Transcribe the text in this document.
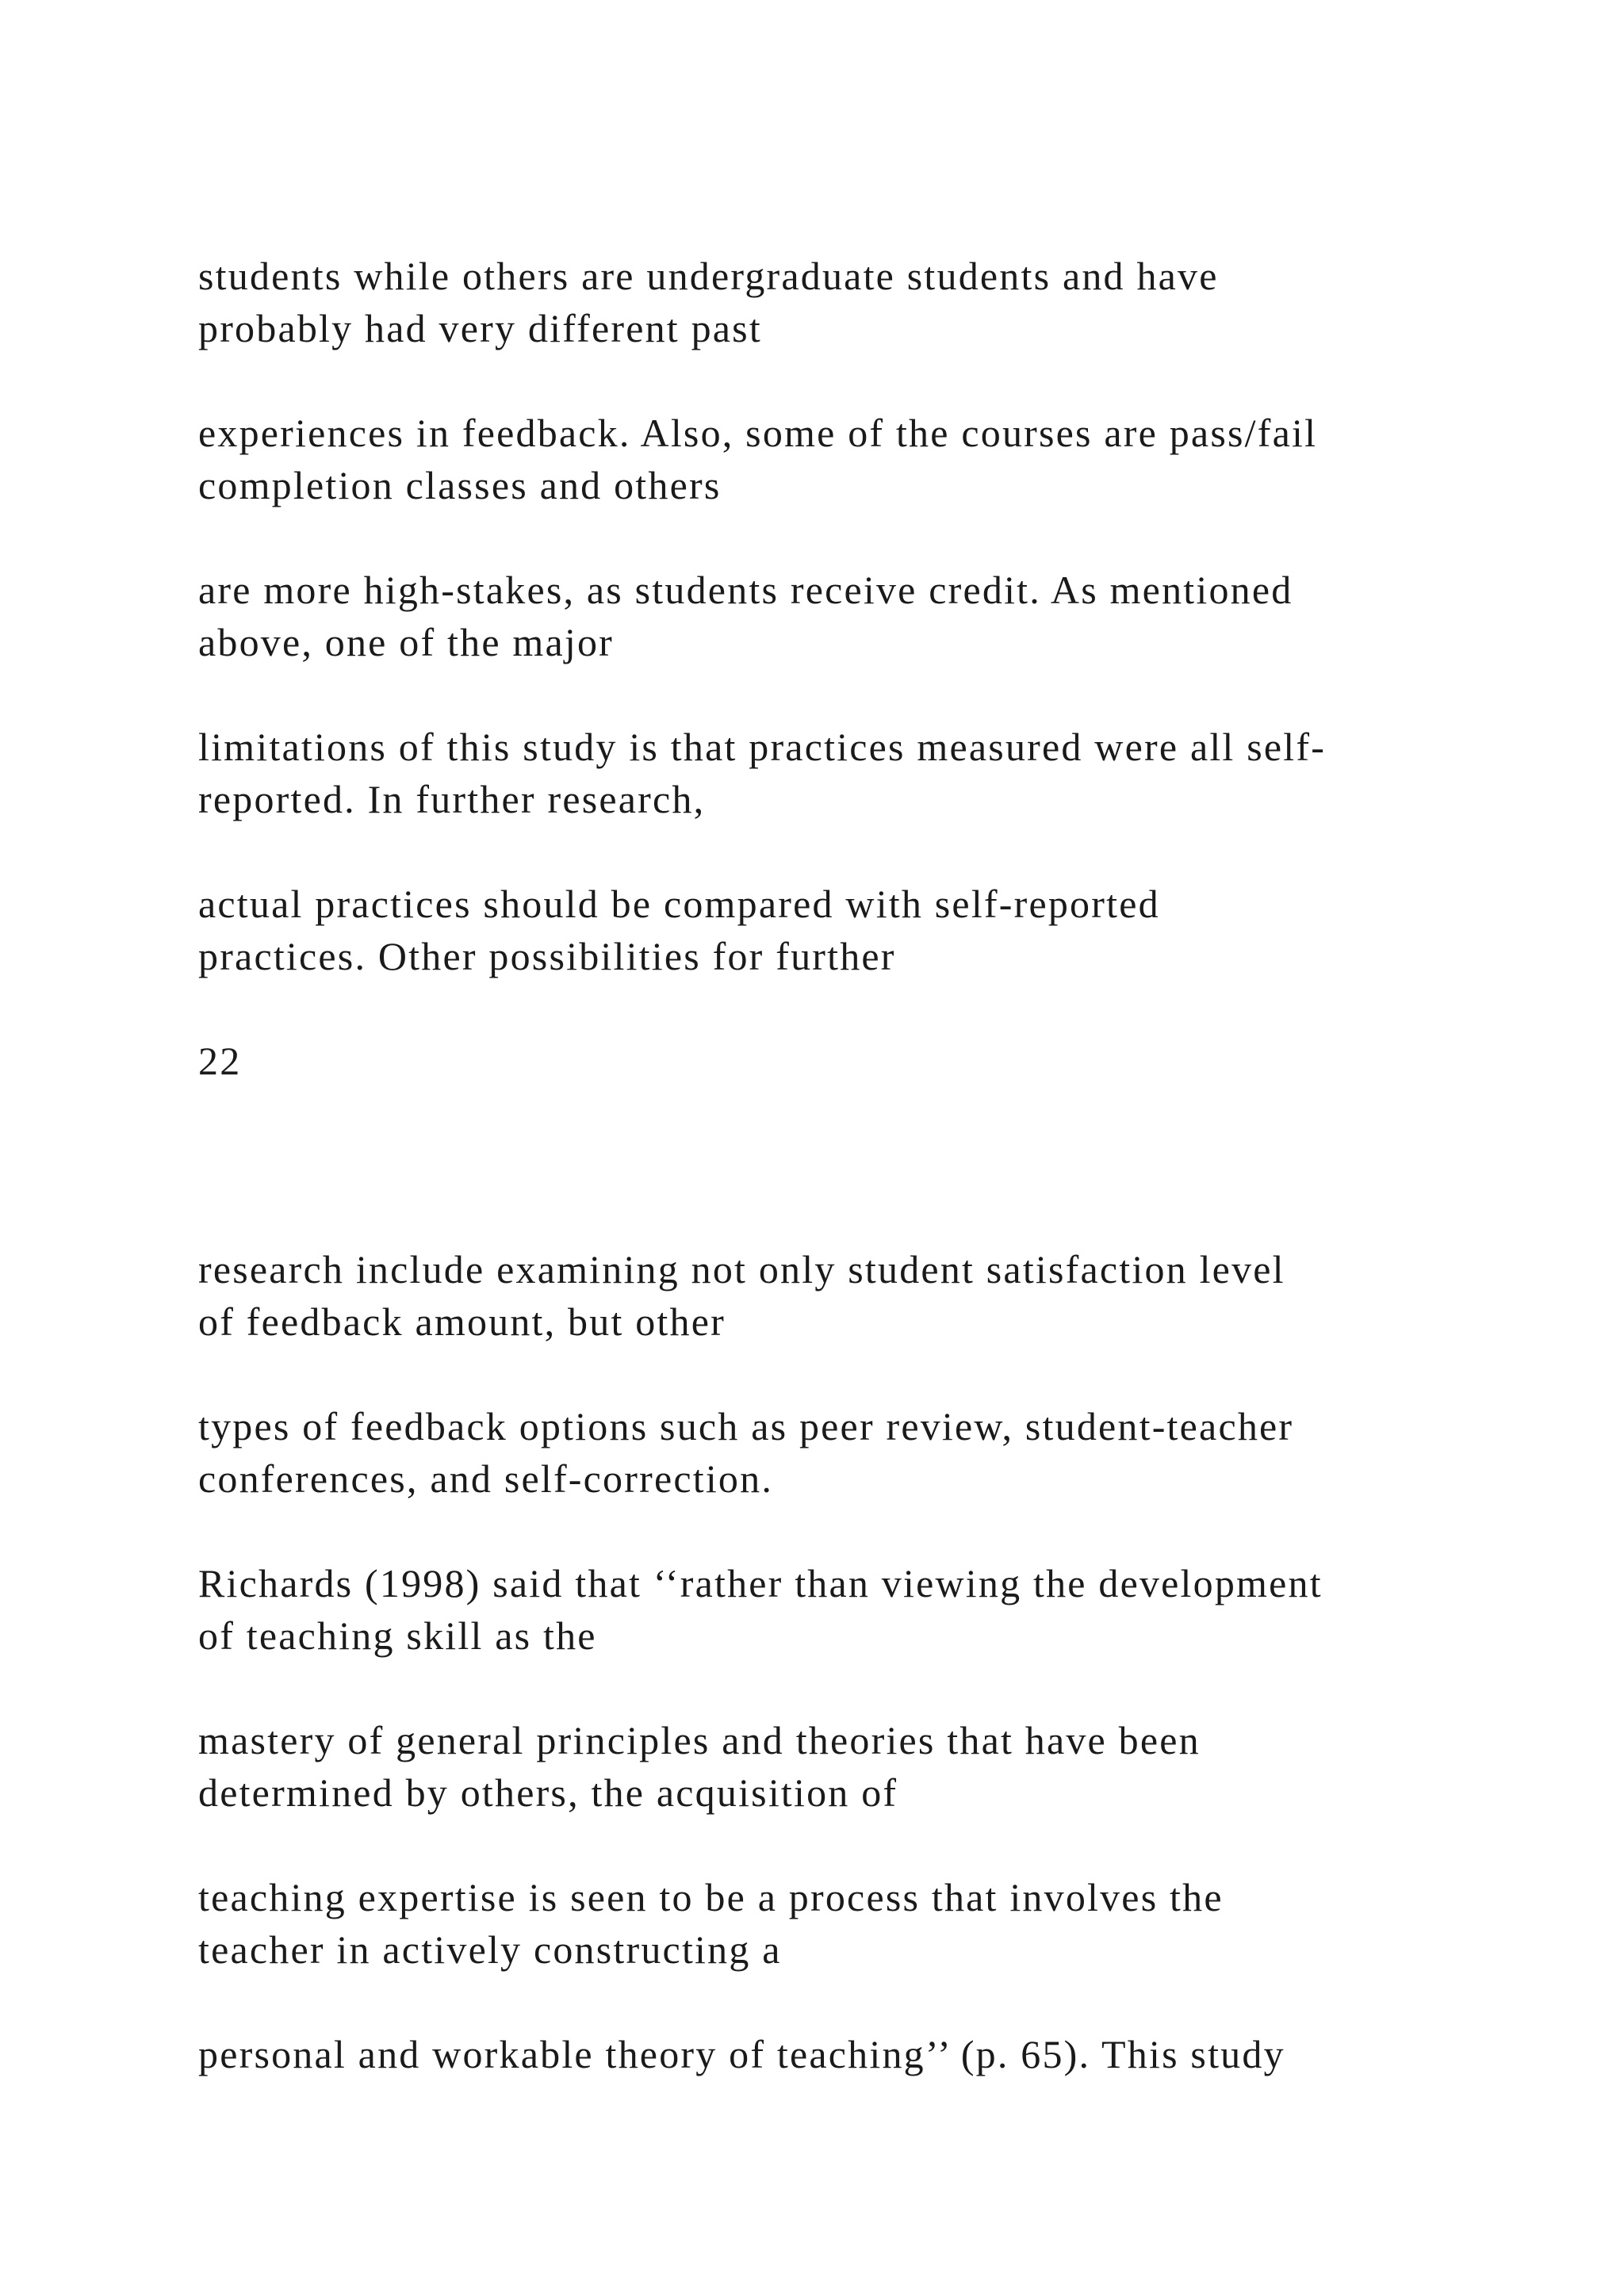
students while others are undergraduate students and have

probably had very different past

experiences in feedback. Also, some of the courses are pass/fail

completion classes and others

are more high-stakes, as students receive credit. As mentioned

above, one of the major

limitations of this study is that practices measured were all self-

reported. In further research,

actual practices should be compared with self-reported

practices. Other possibilities for further

22

research include examining not only student satisfaction level

of feedback amount, but other

types of feedback options such as peer review, student-teacher

conferences, and self-correction.

Richards (1998) said that ‘‘rather than viewing the development

of teaching skill as the

mastery of general principles and theories that have been

determined by others, the acquisition of

teaching expertise is seen to be a process that involves the

teacher in actively constructing a

personal and workable theory of teaching’’ (p. 65). This study
